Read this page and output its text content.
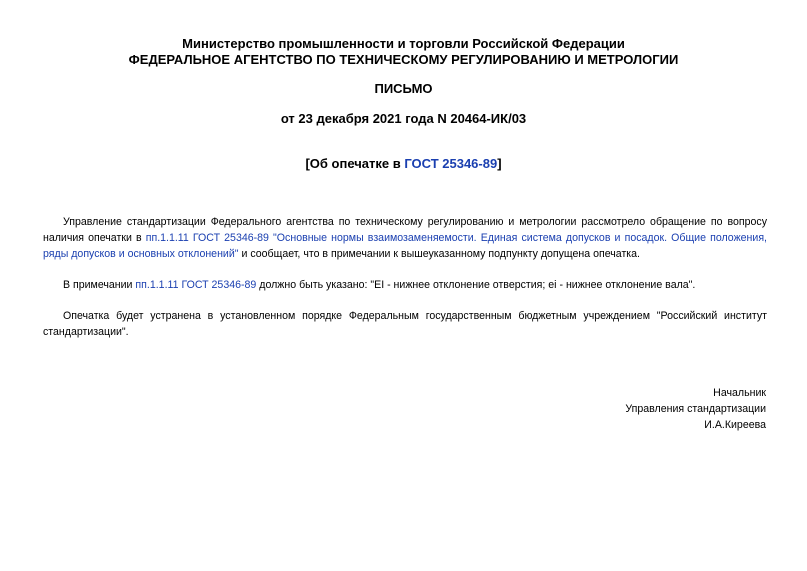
Министерство промышленности и торговли Российской Федерации
ФЕДЕРАЛЬНОЕ АГЕНТСТВО ПО ТЕХНИЧЕСКОМУ РЕГУЛИРОВАНИЮ И МЕТРОЛОГИИ
ПИСЬМО
от 23 декабря 2021 года N 20464-ИК/03
[Об опечатке в ГОСТ 25346-89]
Управление стандартизации Федерального агентства по техническому регулированию и метрологии рассмотрело обращение по вопросу наличия опечатки в пп.1.1.11 ГОСТ 25346-89 "Основные нормы взаимозаменяемости. Единая система допусков и посадок. Общие положения, ряды допусков и основных отклонений" и сообщает, что в примечании к вышеуказанному подпункту допущена опечатка.
В примечании пп.1.1.11 ГОСТ 25346-89 должно быть указано: "EI - нижнее отклонение отверстия; ei - нижнее отклонение вала".
Опечатка будет устранена в установленном порядке Федеральным государственным бюджетным учреждением "Российский институт стандартизации".
Начальник
Управления стандартизации
И.А.Киреева
